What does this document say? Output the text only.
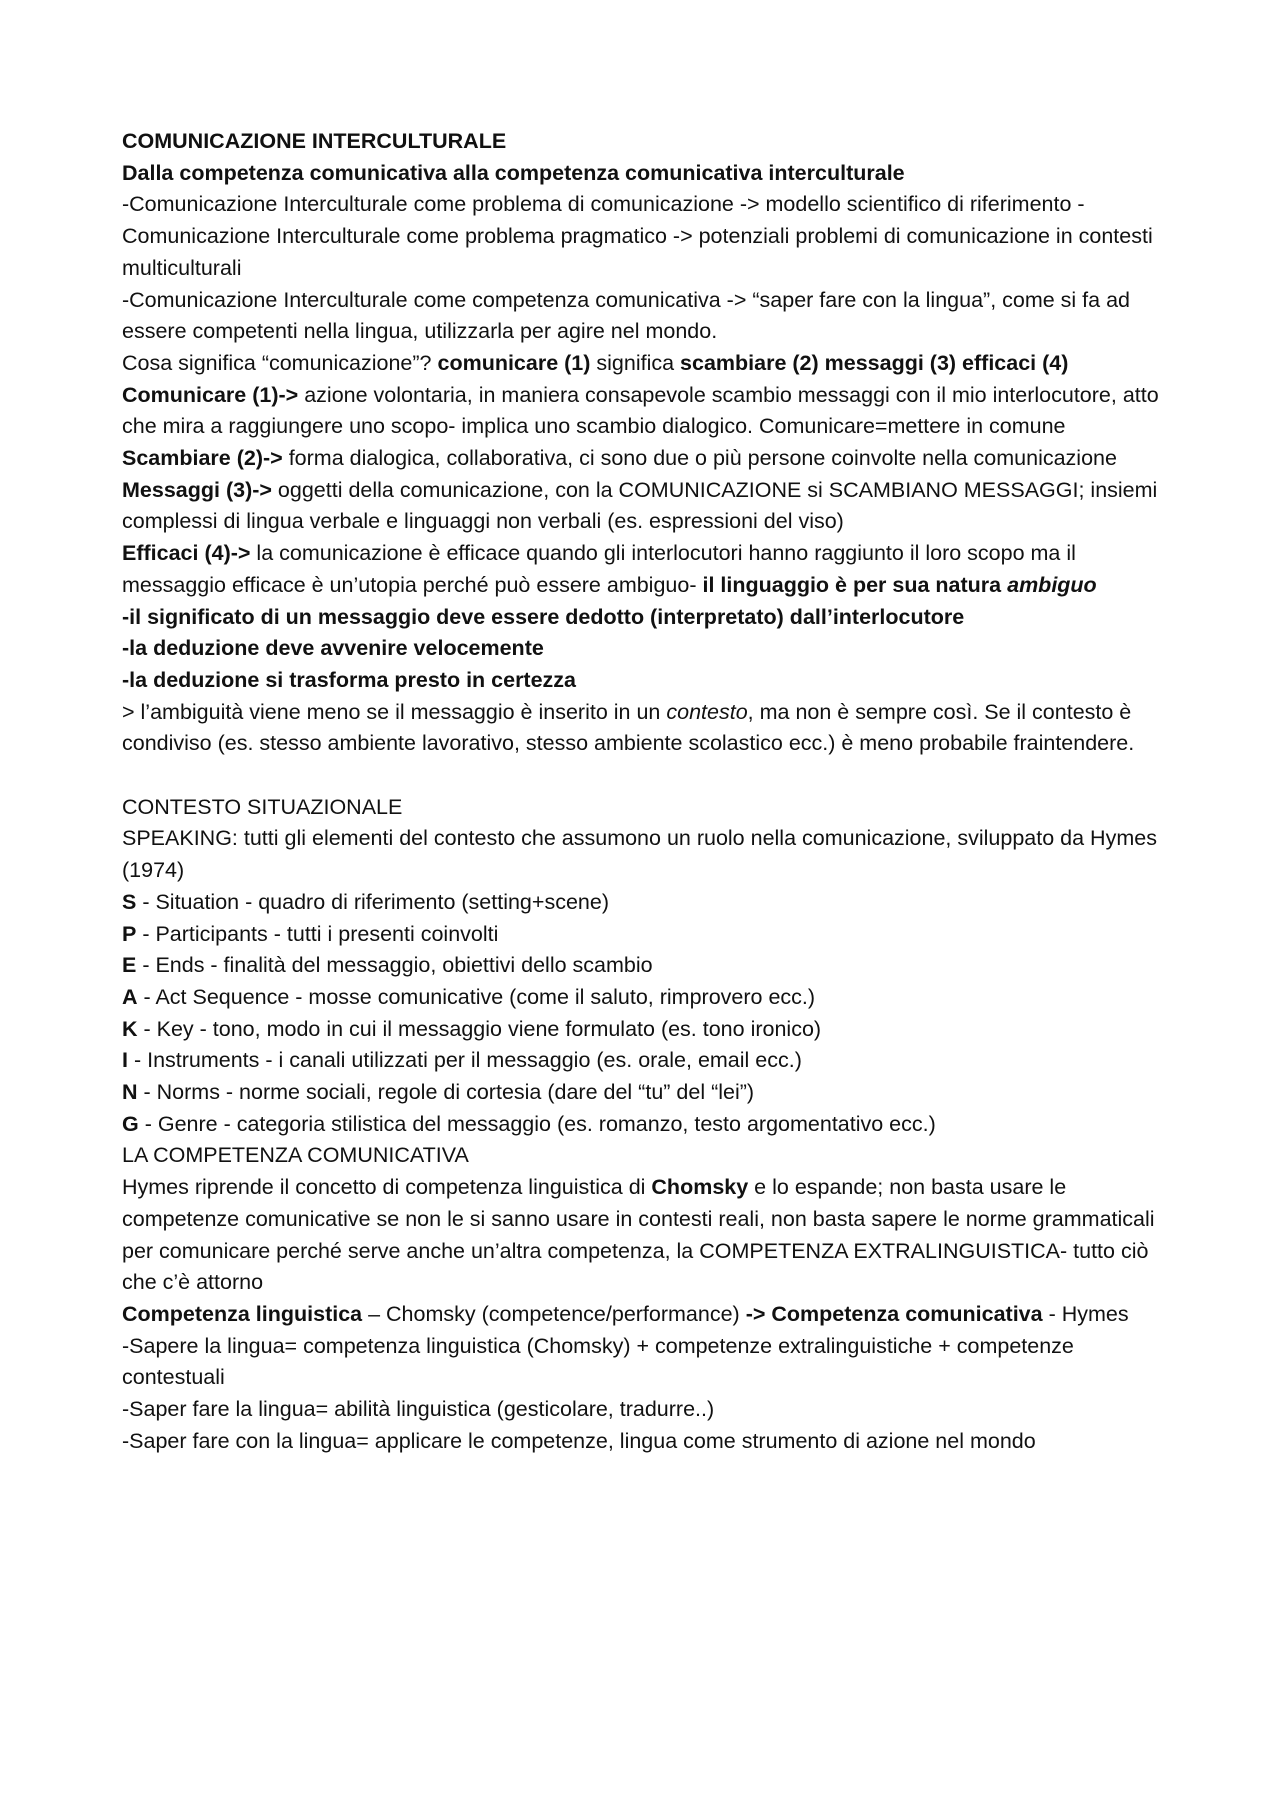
COMUNICAZIONE INTERCULTURALE

Dalla competenza comunicativa alla competenza comunicativa interculturale

-Comunicazione Interculturale come problema di comunicazione -> modello scientifico di riferimento - Comunicazione Interculturale come problema pragmatico -> potenziali problemi di comunicazione in contesti multiculturali

-Comunicazione Interculturale come competenza comunicativa -> “saper fare con la lingua”, come si fa ad essere competenti nella lingua, utilizzarla per agire nel mondo.

Cosa significa “comunicazione”? comunicare (1) significa scambiare (2) messaggi (3) efficaci (4)

Comunicare (1)-> azione volontaria, in maniera consapevole scambio messaggi con il mio interlocutore, atto che mira a raggiungere uno scopo- implica uno scambio dialogico. Comunicare=mettere in comune

Scambiare (2)-> forma dialogica, collaborativa, ci sono due o più persone coinvolte nella comunicazione

Messaggi (3)-> oggetti della comunicazione, con la COMUNICAZIONE si SCAMBIANO MESSAGGI; insiemi complessi di lingua verbale e linguaggi non verbali (es. espressioni del viso)

Efficaci (4)-> la comunicazione è efficace quando gli interlocutori hanno raggiunto il loro scopo ma il messaggio efficace è un’utopia perché può essere ambiguo- il linguaggio è per sua natura ambiguo

-il significato di un messaggio deve essere dedotto (interpretato) dall’interlocutore

-la deduzione deve avvenire velocemente

-la deduzione si trasforma presto in certezza

> l’ambiguità viene meno se il messaggio è inserito in un contesto, ma non è sempre così. Se il contesto è condiviso (es. stesso ambiente lavorativo, stesso ambiente scolastico ecc.) è meno probabile fraintendere.

CONTESTO SITUAZIONALE

SPEAKING: tutti gli elementi del contesto che assumono un ruolo nella comunicazione, sviluppato da Hymes (1974)

S - Situation - quadro di riferimento (setting+scene)

P - Participants - tutti i presenti coinvolti

E - Ends - finalità del messaggio, obiettivi dello scambio

A - Act Sequence - mosse comunicative (come il saluto, rimprovero ecc.)

K - Key - tono, modo in cui il messaggio viene formulato (es. tono ironico)

I - Instruments - i canali utilizzati per il messaggio (es. orale, email ecc.)

N - Norms - norme sociali, regole di cortesia (dare del “tu” del “lei”)

G - Genre - categoria stilistica del messaggio (es. romanzo, testo argomentativo ecc.)

LA COMPETENZA COMUNICATIVA

Hymes riprende il concetto di competenza linguistica di Chomsky e lo espande; non basta usare le competenze comunicative se non le si sanno usare in contesti reali, non basta sapere le norme grammaticali per comunicare perché serve anche un’altra competenza, la COMPETENZA EXTRALINGUISTICA- tutto ciò che c’è attorno

Competenza linguistica – Chomsky (competence/performance) -> Competenza comunicativa - Hymes

-Sapere la lingua= competenza linguistica (Chomsky) + competenze extralinguistiche + competenze contestuali

-Saper fare la lingua= abilità linguistica (gesticolare, tradurre..)

-Saper fare con la lingua= applicare le competenze, lingua come strumento di azione nel mondo
